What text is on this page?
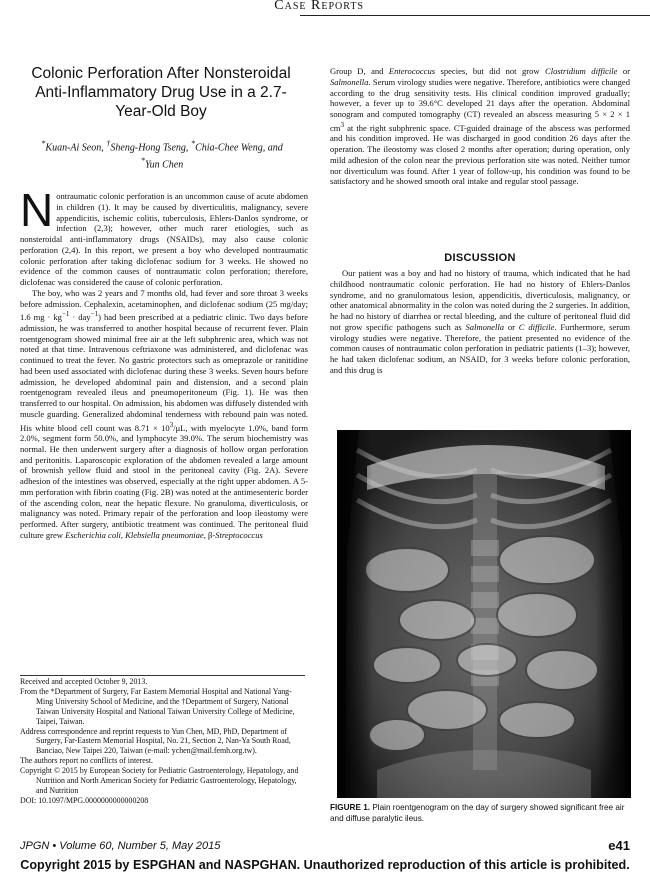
Case Reports
Colonic Perforation After Nonsteroidal Anti-Inflammatory Drug Use in a 2.7-Year-Old Boy
*Kuan-Ai Seon, †Sheng-Hong Tseng, *Chia-Chee Weng, and
*Yun Chen

Nontraumatic colonic perforation is an uncommon cause of acute abdomen in children (1). It may be caused by diverticulitis, malignancy, severe appendicitis, ischemic colitis, tuberculosis, Ehlers-Danlos syndrome, or infection (2,3); however, other much rarer etiologies, such as nonsteroidal anti-inflammatory drugs (NSAIDs), may also cause colonic perforation (2,4). In this report, we present a boy who developed nontraumatic colonic perforation after taking diclofenac sodium for 3 weeks. He showed no evidence of the common causes of nontraumatic colon perforation; therefore, diclofenac was considered the cause of colonic perforation.

The boy, who was 2 years and 7 months old, had fever and sore throat 3 weeks before admission. Cephalexin, acetaminophen, and diclofenac sodium (25 mg/day; 1.6 mg · $kg^{-1} \cdot day^{-1}$) had been prescribed at a pediatric clinic. Two days before admission, he was transferred to another hospital because of recurrent fever. Plain roentgenogram showed minimal free air at the left subphrenic area, which was not noted at that time. Intravenous ceftriaxone was administered, and diclofenac was continued to treat the fever. No gastric protectors such as omeprazole or ranitidine had been used associated with diclofenac during these 3 weeks. Seven hours before admission, he developed abdominal pain and distension, and a second plain roentgenogram revealed ileus and pneumoperitoneum (Fig. 1). He was then transferred to our hospital. On admission, his abdomen was diffusely distended with muscle guarding. Generalized abdominal tenderness with rebound pain was noted. His white blood cell count was $8.71 \times 10^3/\mu L$, with myelocyte 1.0%, band form 2.0%, segment form 50.0%, and lymphocyte 39.0%. The serum biochemistry was normal. He then underwent surgery after a diagnosis of hollow organ perforation and peritonitis. Laparoscopic exploration of the abdomen revealed a large amount of brownish yellow fluid and stool in the peritoneal cavity (Fig. 2A). Severe adhesion of the intestines was observed, especially at the right upper abdomen. A 5-mm perforation with fibrin coating (Fig. 2B) was noted at the antimesenteric border of the ascending colon, near the hepatic flexure. No granuloma, diverticulosis, or malignancy was noted. Primary repair of the perforation and loop ileostomy were performed. After surgery, antibiotic treatment was continued. The peritoneal fluid culture grew Escherichia coli, Klebsiella pneumoniae, β-Streptococcus

Received and accepted October 9, 2013.

From the *Department of Surgery, Far Eastern Memorial Hospital and National Yang-Ming University School of Medicine, and the †Department of Surgery, National Taiwan University Hospital and National Taiwan University College of Medicine, Taipei, Taiwan.

Address correspondence and reprint requests to Yun Chen, MD, PhD, Department of Surgery, Far-Eastern Memorial Hospital, No. 21, Section 2, Nan-Ya South Road, Banciao, New Taipei 220, Taiwan (e-mail: ychen@mail.femh.org.tw).

The authors report no conflicts of interest.

Copyright © 2015 by European Society for Pediatric Gastroenterology, Hepatology, and Nutrition and North American Society for Pediatric Gastroenterology, Hepatology, and Nutrition

DOI: 10.1097/MPG.0000000000000208

Group D, and Enterococcus species, but did not grow Clostridium difficile or Salmonella. Serum virology studies were negative. Therefore, antibiotics were changed according to the drug sensitivity tests. His clinical condition improved gradually; however, a fever up to 39.6°C developed 21 days after the operation. Abdominal sonogram and computed tomography (CT) revealed an abscess measuring 5 × 2 × 1 $cm^3$ at the right subphrenic space. CT-guided drainage of the abscess was performed and his condition improved. He was discharged in good condition 26 days after the operation. The ileostomy was closed 2 months after operation; during operation, only mild adhesion of the colon near the previous perforation site was noted. Neither tumor nor diverticulum was found. After 1 year of follow-up, his condition was found to be satisfactory and he showed smooth oral intake and regular stool passage.

DISCUSSION

Our patient was a boy and had no history of trauma, which indicated that he had childhood nontraumatic colonic perforation. He had no history of Ehlers-Danlos syndrome, and no granulomatous lesion, appendicitis, diverticulosis, malignancy, or other anatomical abnormality in the colon was noted during the 2 surgeries. In addition, he had no history of diarrhea or rectal bleeding, and the culture of peritoneal fluid did not grow specific pathogens such as Salmonella or C difficile. Furthermore, serum virology studies were negative. Therefore, the patient presented no evidence of the common causes of nontraumatic colon perforation in pediatric patients (1–3); however, he had taken diclofenac sodium, an NSAID, for 3 weeks before colonic perforation, and this drug is

FIGURE 1. Plain roentgenogram on the day of surgery showed significant free air and diffuse paralytic ileus.
JPGN • Volume 60, Number 5, May 2015	e41
Copyright 2015 by ESPGHAN and NASPGHAN. Unauthorized reproduction of this article is prohibited.
